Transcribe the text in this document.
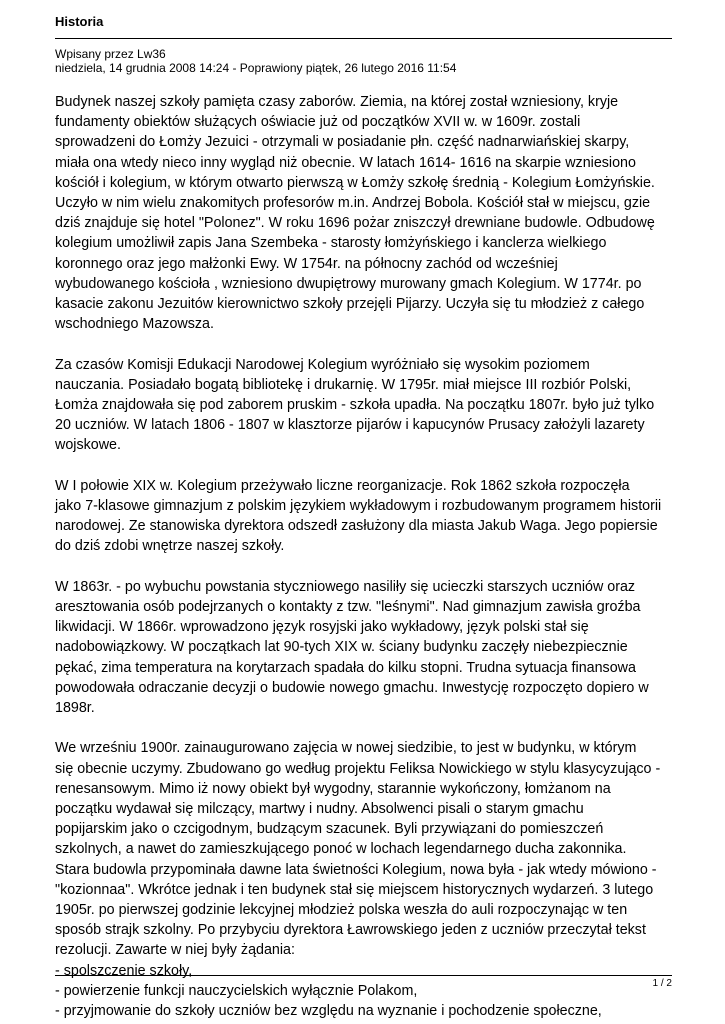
Historia
Wpisany przez Lw36
niedziela, 14 grudnia 2008 14:24 - Poprawiony piątek, 26 lutego 2016 11:54

Budynek naszej szkoły pamięta czasy zaborów. Ziemia, na której został wzniesiony, kryje
fundamenty obiektów służących oświacie już od początków XVII w. w 1609r. zostali
sprowadzeni do Łomży Jezuici - otrzymali w posiadanie płn. część nadnarwiańskiej skarpy,
miała ona wtedy nieco inny wygląd niż obecnie. W latach 1614- 1616 na skarpie wzniesiono
kościół i kolegium, w którym otwarto pierwszą w Łomży szkołę średnią - Kolegium Łomżyńskie.
Uczyło w nim wielu znakomitych profesorów m.in. Andrzej Bobola. Kościół stał w miejscu, gzie
dziś znajduje się hotel "Polonez". W roku 1696 pożar zniszczył drewniane budowle. Odbudowę
kolegium umożliwił zapis Jana Szembeka - starosty łomżyńskiego i kanclerza wielkiego
koronnego oraz jego małżonki Ewy. W 1754r. na północny zachód od wcześniej
wybudowanego kościoła , wzniesiono dwupiętrowy murowany gmach Kolegium. W 1774r. po
kasacie zakonu Jezuitów kierownictwo szkoły przejęli Pijarzy. Uczyła się tu młodzież z całego
wschodniego Mazowsza.

Za czasów Komisji Edukacji Narodowej Kolegium wyróżniało się wysokim poziomem
nauczania. Posiadało bogatą bibliotekę i drukarnię. W 1795r. miał miejsce III rozbiór Polski,
Łomża znajdowała się pod zaborem pruskim - szkoła upadła. Na początku 1807r. było już tylko
20 uczniów. W latach 1806 - 1807 w klasztorze pijarów i kapucynów Prusacy założyli lazarety
wojskowe.

W I połowie XIX w. Kolegium przeżywało liczne reorganizacje. Rok 1862 szkoła rozpoczęła
jako 7-klasowe gimnazjum z polskim językiem wykładowym i rozbudowanym programem historii
narodowej. Ze stanowiska dyrektora odszedł zasłużony dla miasta Jakub Waga. Jego popiersie
do dziś zdobi wnętrze naszej szkoły.

W 1863r. - po wybuchu powstania styczniowego nasiliły się ucieczki starszych uczniów oraz
aresztowania osób podejrzanych o kontakty z tzw. "leśnymi". Nad gimnazjum zawisła groźba
likwidacji. W 1866r. wprowadzono język rosyjski jako wykładowy, język polski stał się
nadobowiązkowy. W początkach lat 90-tych XIX w. ściany budynku zaczęły niebezpiecznie
pękać, zima temperatura na korytarzach spadała do kilku stopni. Trudna sytuacja finansowa
powodowała odraczanie decyzji o budowie nowego gmachu. Inwestycję rozpoczęto dopiero w
1898r.

We wrześniu 1900r. zainaugurowano zajęcia w nowej siedzibie, to jest w budynku, w którym
się obecnie uczymy. Zbudowano go według projektu Feliksa Nowickiego w stylu klasycyzująco -
renesansowym. Mimo iż nowy obiekt był wygodny, starannie wykończony, łomżanom na
początku wydawał się milczący, martwy i nudny. Absolwenci pisali o starym gmachu
popijarskim jako o czcigodnym, budzącym szacunek. Byli przywiązani do pomieszczeń
szkolnych, a nawet do zamieszkującego ponoć w lochach legendarnego ducha zakonnika.
Stara budowla przypominała dawne lata świetności Kolegium, nowa była - jak wtedy mówiono -
"kozionnaa". Wkrótce jednak i ten budynek stał się miejscem historycznych wydarzeń. 3 lutego
1905r. po pierwszej godzinie lekcyjnej młodzież polska weszła do auli rozpoczynając w ten
sposób strajk szkolny. Po przybyciu dyrektora Ławrowskiego jeden z uczniów przeczytał tekst
rezolucji. Zawarte w niej były żądania:
- spolszczenie szkoły,
- powierzenie funkcji nauczycielskich wyłącznie Polakom,
- przyjmowanie do szkoły uczniów bez względu na wyznanie i pochodzenie społeczne,

1 / 2
